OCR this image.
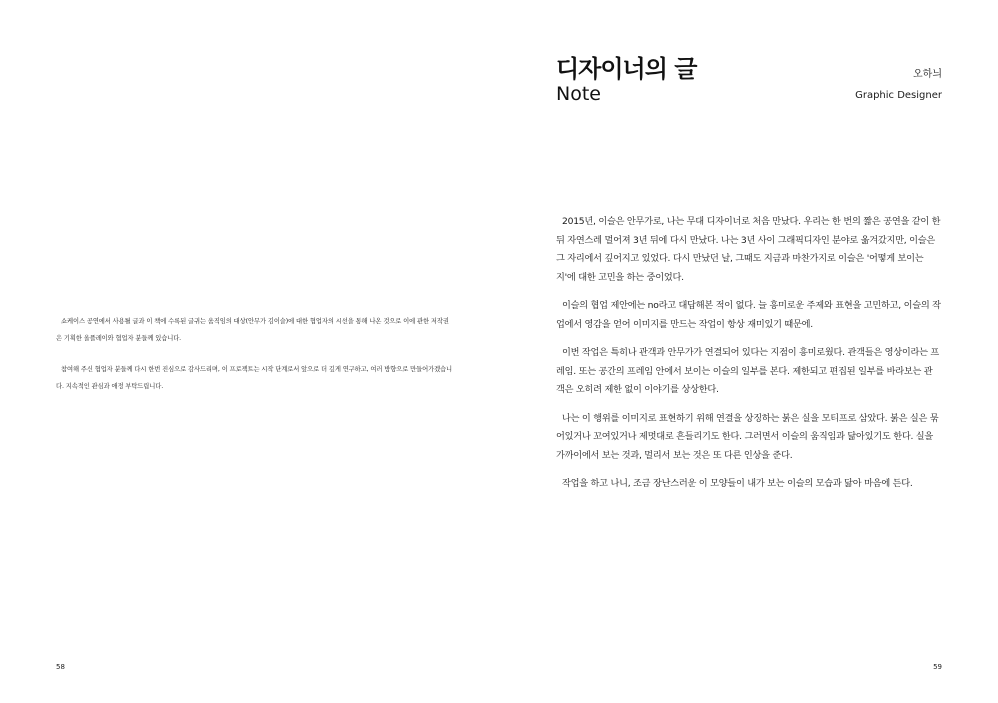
쇼케이스 공연에서 사용될 글과 이 책에 수록된 글귀는 움직임의 대상(안무가 김이슬)에 대한 협업자의 시선을 통해 나온 것으로 이에 관한 저작권은 기획한 올플레이와 협업자 분들께 있습니다.

참여해 주신 협업자 분들께 다시 한번 진심으로 감사드리며, 이 프로젝트는 시작 단계로서 앞으로 더 깊게 연구하고, 여러 방향으로 만들어가겠습니다. 지속적인 관심과 애정 부탁드립니다.

58
디자이너의 글
Note
오하늬
Graphic Designer

2015년, 이슬은 안무가로, 나는 무대 디자이너로 처음 만났다. 우리는 한 번의 짧은 공연을 같이 한 뒤 자연스레 멀어져 3년 뒤에 다시 만났다. 나는 3년 사이 그래픽디자인 분야로 옮겨갔지만, 이슬은 그 자리에서 깊어지고 있었다. 다시 만났던 날, 그때도 지금과 마찬가지로 이슬은 '어떻게 보이는지'에 대한 고민을 하는 중이었다.

이슬의 협업 제안에는 no라고 대답해본 적이 없다. 늘 흥미로운 주제와 표현을 고민하고, 이슬의 작업에서 영감을 얻어 이미지를 만드는 작업이 항상 재미있기 때문에.

이번 작업은 특히나 관객과 안무가가 연결되어 있다는 지점이 흥미로웠다. 관객들은 영상이라는 프레임. 또는 공간의 프레임 안에서 보이는 이슬의 일부를 본다. 제한되고 편집된 일부를 바라보는 관객은 오히려 제한 없이 이야기를 상상한다.

나는 이 행위를 이미지로 표현하기 위해 연결을 상징하는 붉은 실을 모티프로 삼았다. 붉은 실은 묶어있거나 꼬여있거나 제멋대로 흔들리기도 한다. 그러면서 이슬의 움직임과 닮아있기도 한다. 실을 가까이에서 보는 것과, 멀리서 보는 것은 또 다른 인상을 준다.

작업을 하고 나니, 조금 장난스러운 이 모양들이 내가 보는 이슬의 모습과 닮아 마음에 든다.

59
